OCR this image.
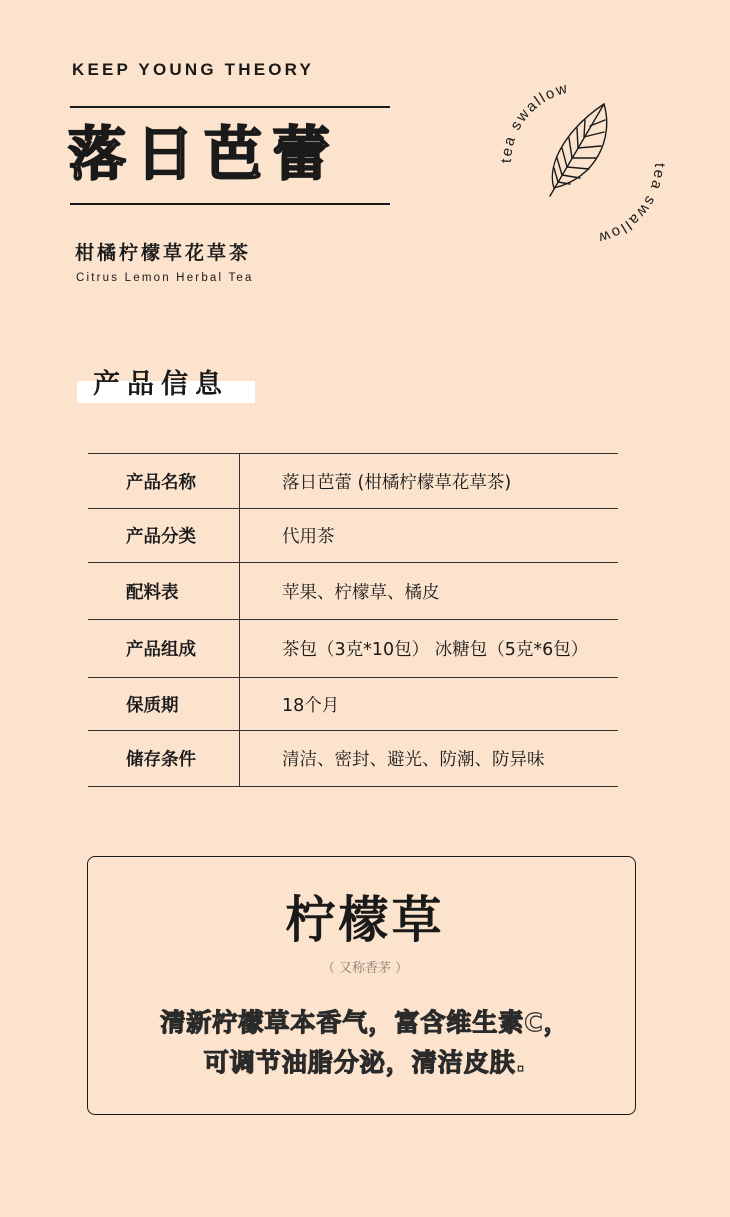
KEEP YOUNG THEORY
落日芭蕾
柑橘柠檬草花草茶
Citrus Lemon Herbal Tea
tea swallow
tea swallow
产品信息
产品名称	落日芭蕾 (柑橘柠檬草花草茶)
产品分类	代用茶
配料表	苹果、柠檬草、橘皮
产品组成	茶包（3克*10包） 冰糖包（5克*6包）
保质期	18个月
储存条件	清洁、密封、避光、防潮、防异味
柠檬草
（ 又称香茅 ）
清新柠檬草本香气，富含维生素C，
可调节油脂分泌，清洁皮肤.
